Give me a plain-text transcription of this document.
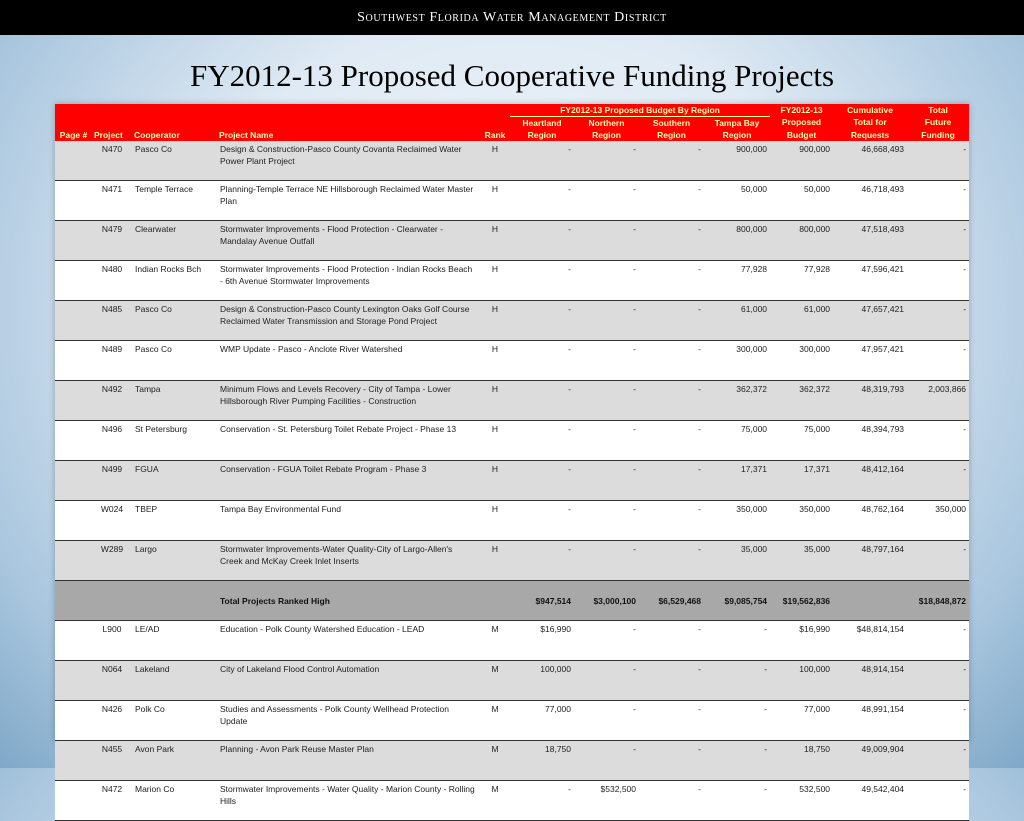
Southwest Florida Water Management District
FY2012-13 Proposed Cooperative Funding Projects
					FY2012-13 Proposed Budget By Region				FY2012-13	Cumulative	Total
					Heartland	Northern	Southern	Tampa Bay	Proposed	Total for	Future
Page #	Project	Cooperator	Project Name	Rank	Region	Region	Region	Region	Budget	Requests	Funding
	N470	Pasco Co	Design & Construction-Pasco County Covanta Reclaimed Water Power Plant Project	H	-	-	-	900,000	900,000	46,668,493	-
	N471	Temple Terrace	Planning-Temple Terrace NE Hillsborough Reclaimed Water Master Plan	H	-	-	-	50,000	50,000	46,718,493	-
	N479	Clearwater	Stormwater Improvements - Flood Protection - Clearwater - Mandalay Avenue Outfall	H	-	-	-	800,000	800,000	47,518,493	-
	N480	Indian Rocks Bch	Stormwater Improvements - Flood Protection - Indian Rocks Beach - 6th Avenue Stormwater Improvements	H	-	-	-	77,928	77,928	47,596,421	-
	N485	Pasco Co	Design & Construction-Pasco County Lexington Oaks Golf Course Reclaimed Water Transmission and Storage Pond Project	H	-	-	-	61,000	61,000	47,657,421	-
	N489	Pasco Co	WMP Update - Pasco - Anclote River Watershed	H	-	-	-	300,000	300,000	47,957,421	-
	N492	Tampa	Minimum Flows and Levels Recovery - City of Tampa - Lower Hillsborough River Pumping Facilities - Construction	H	-	-	-	362,372	362,372	48,319,793	2,003,866
	N496	St Petersburg	Conservation - St. Petersburg Toilet Rebate Project - Phase 13	H	-	-	-	75,000	75,000	48,394,793	-
	N499	FGUA	Conservation - FGUA Toilet Rebate Program - Phase 3	H	-	-	-	17,371	17,371	48,412,164	-
	W024	TBEP	Tampa Bay Environmental Fund	H	-	-	-	350,000	350,000	48,762,164	350,000
	W289	Largo	Stormwater Improvements-Water Quality-City of Largo-Allen's Creek and McKay Creek Inlet Inserts	H	-	-	-	35,000	35,000	48,797,164	-
			Total Projects Ranked High		$947,514	$3,000,100	$6,529,468	$9,085,754	$19,562,836		$18,848,872
	L900	LE/AD	Education - Polk County Watershed Education - LEAD	M	$16,990	-	-	-	$16,990	$48,814,154	-
	N064	Lakeland	City of Lakeland Flood Control Automation	M	100,000	-	-	-	100,000	48,914,154	-
	N426	Polk Co	Studies and Assessments - Polk County Wellhead Protection Update	M	77,000	-	-	-	77,000	48,991,154	-
	N455	Avon Park	Planning - Avon Park Reuse Master Plan	M	18,750	-	-	-	18,750	49,009,904	-
	N472	Marion Co	Stormwater Improvements - Water Quality - Marion County - Rolling Hills	M	-	$532,500	-	-	532,500	49,542,404	-
